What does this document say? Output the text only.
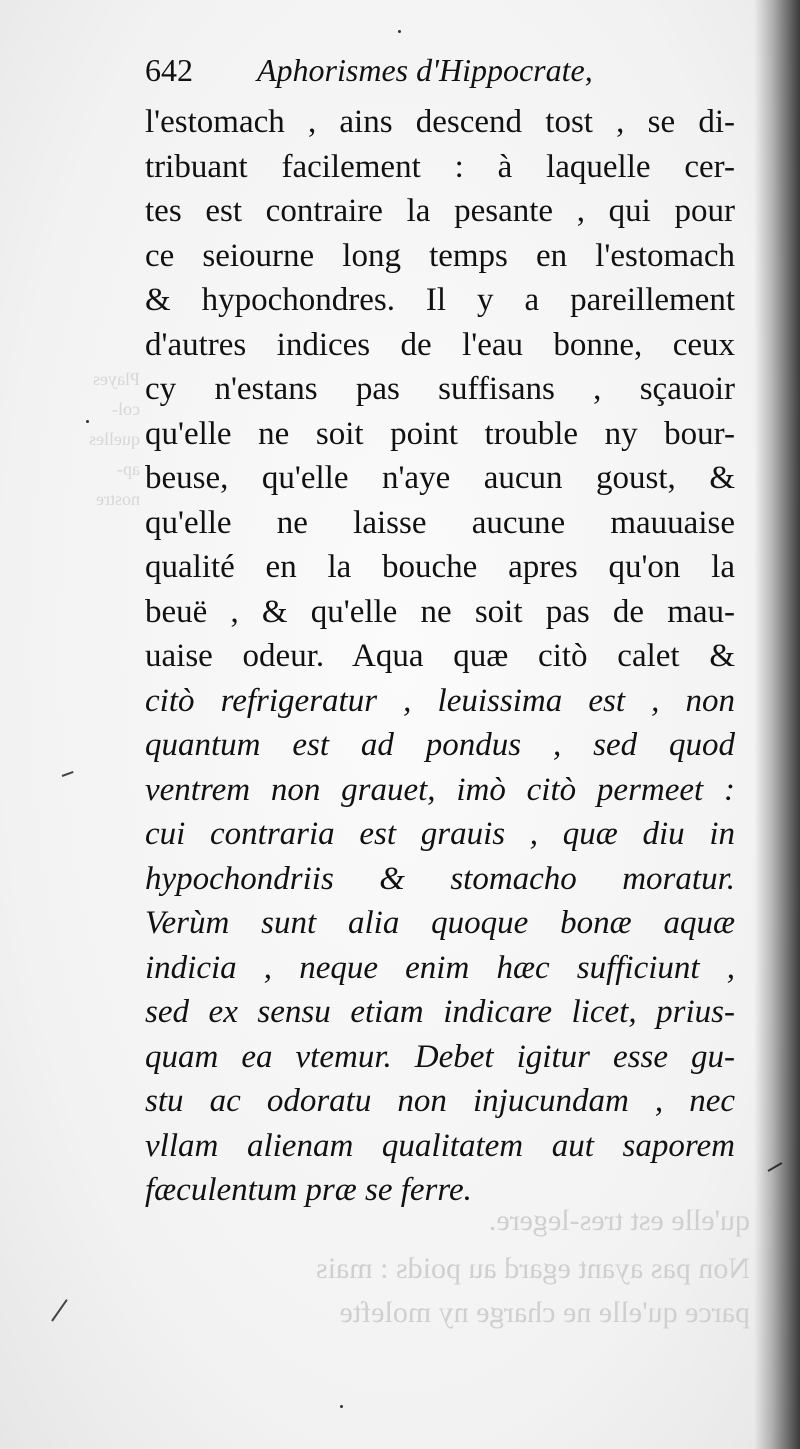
qu'elle est tres-legere.
Non pas ayant egard au poids : mais
parce qu'elle ne charge ny molefte
Playes
col-
quelles
ap-
nostre
642 Aphorismes d'Hippocrate,
l'estomach , ains descend tost , se di-
tribuant facilement : à laquelle cer-
tes est contraire la pesante , qui pour
ce seiourne long temps en l'estomach
& hypochondres. Il y a pareillement
d'autres indices de l'eau bonne, ceux
cy n'estans pas suffisans , sçauoir
qu'elle ne soit point trouble ny bour-
beuse, qu'elle n'aye aucun goust, &
qu'elle ne laisse aucune mauuaise
qualité en la bouche apres qu'on la
beuë , & qu'elle ne soit pas de mau-
uaise odeur. Aqua quæ citò calet &
citò refrigeratur , leuissima est , non
quantum est ad pondus , sed quod
ventrem non grauet, imò citò permeet :
cui contraria est grauis , quæ diu in
hypochondriis & stomacho moratur.
Verùm sunt alia quoque bonæ aquæ
indicia , neque enim hæc sufficiunt ,
sed ex sensu etiam indicare licet, prius-
quam ea vtemur. Debet igitur esse gu-
stu ac odoratu non injucundam , nec
vllam alienam qualitatem aut saporem
fæculentum præ se ferre.
